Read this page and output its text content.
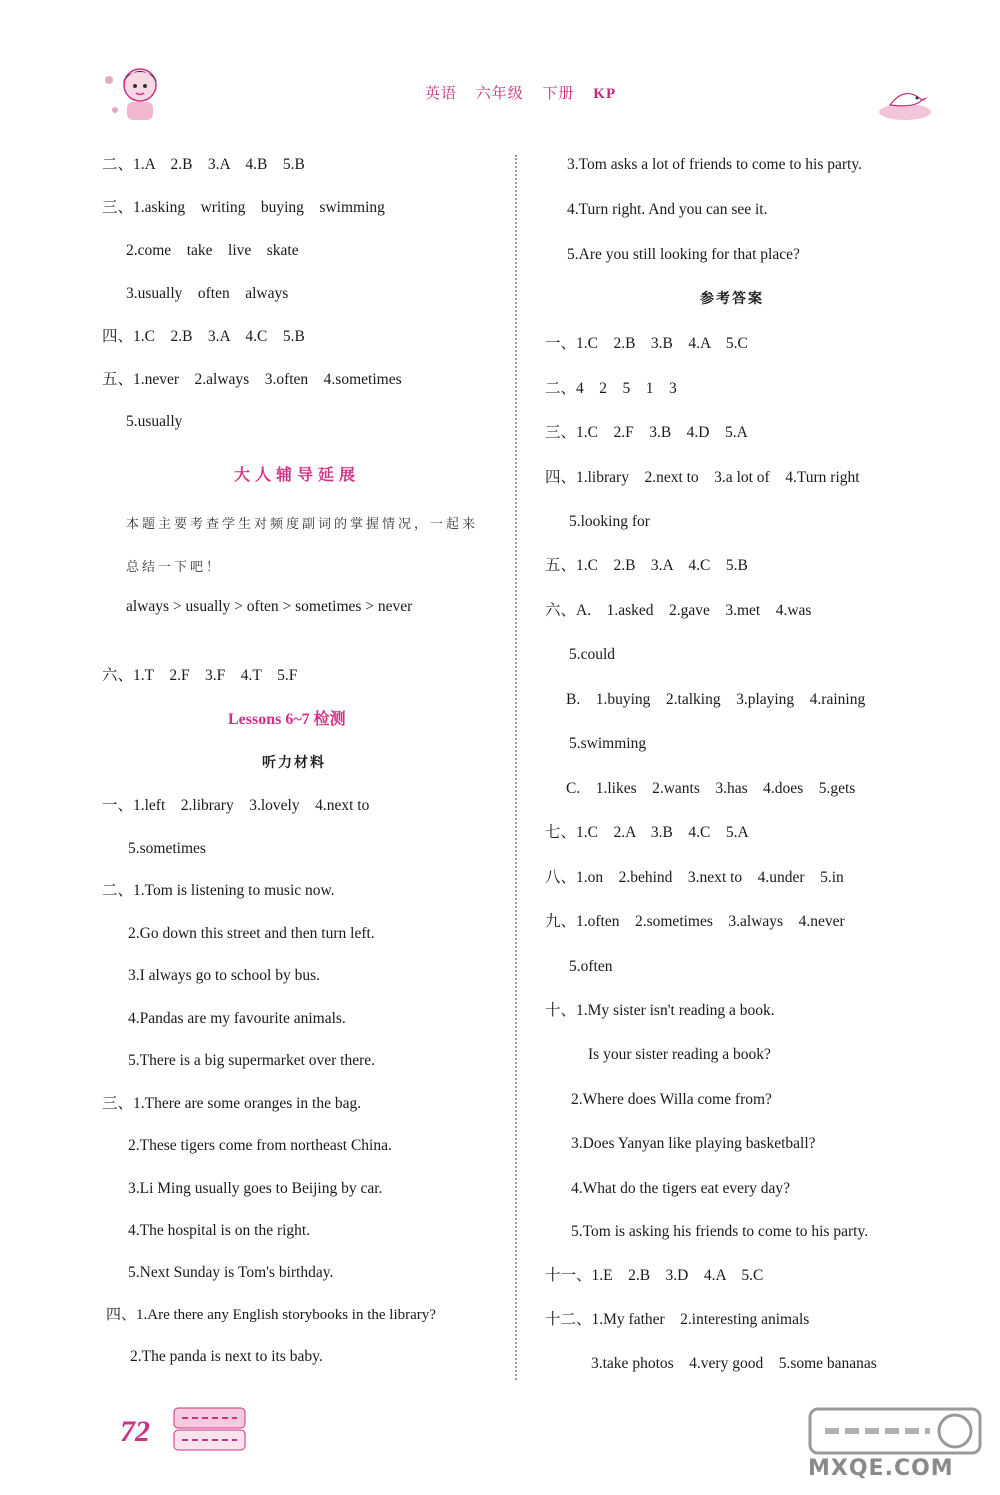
英语 六年级 下册 KP
二、1.A　2.B　3.A　4.B　5.B
三、1.asking　writing　buying　swimming
2.come　take　live　skate
3.usually　often　always
四、1.C　2.B　3.A　4.C　5.B
五、1.never　2.always　3.often　4.sometimes
5.usually
大人辅导延展
本题主要考查学生对频度副词的掌握情况，一起来
总结一下吧！
always > usually > often > sometimes > never
六、1.T　2.F　3.F　4.T　5.F
Lessons 6~7 检测
听力材料
一、1.left　2.library　3.lovely　4.next to
5.sometimes
二、1.Tom is listening to music now.
2.Go down this street and then turn left.
3.I always go to school by bus.
4.Pandas are my favourite animals.
5.There is a big supermarket over there.
三、1.There are some oranges in the bag.
2.These tigers come from northeast China.
3.Li Ming usually goes to Beijing by car.
4.The hospital is on the right.
5.Next Sunday is Tom's birthday.
四、1.Are there any English storybooks in the library?
2.The panda is next to its baby.
3.Tom asks a lot of friends to come to his party.
4.Turn right. And you can see it.
5.Are you still looking for that place?
参考答案
一、1.C　2.B　3.B　4.A　5.C
二、4　2　5　1　3
三、1.C　2.F　3.B　4.D　5.A
四、1.library　2.next to　3.a lot of　4.Turn right
5.looking for
五、1.C　2.B　3.A　4.C　5.B
六、A.　1.asked　2.gave　3.met　4.was
5.could
B.　1.buying　2.talking　3.playing　4.raining
5.swimming
C.　1.likes　2.wants　3.has　4.does　5.gets
七、1.C　2.A　3.B　4.C　5.A
八、1.on　2.behind　3.next to　4.under　5.in
九、1.often　2.sometimes　3.always　4.never
5.often
十、1.My sister isn't reading a book.
Is your sister reading a book?
2.Where does Willa come from?
3.Does Yanyan like playing basketball?
4.What do the tigers eat every day?
5.Tom is asking his friends to come to his party.
十一、1.E　2.B　3.D　4.A　5.C
十二、1.My father　2.interesting animals
3.take photos　4.very good　5.some bananas
72
MXQE.COM
